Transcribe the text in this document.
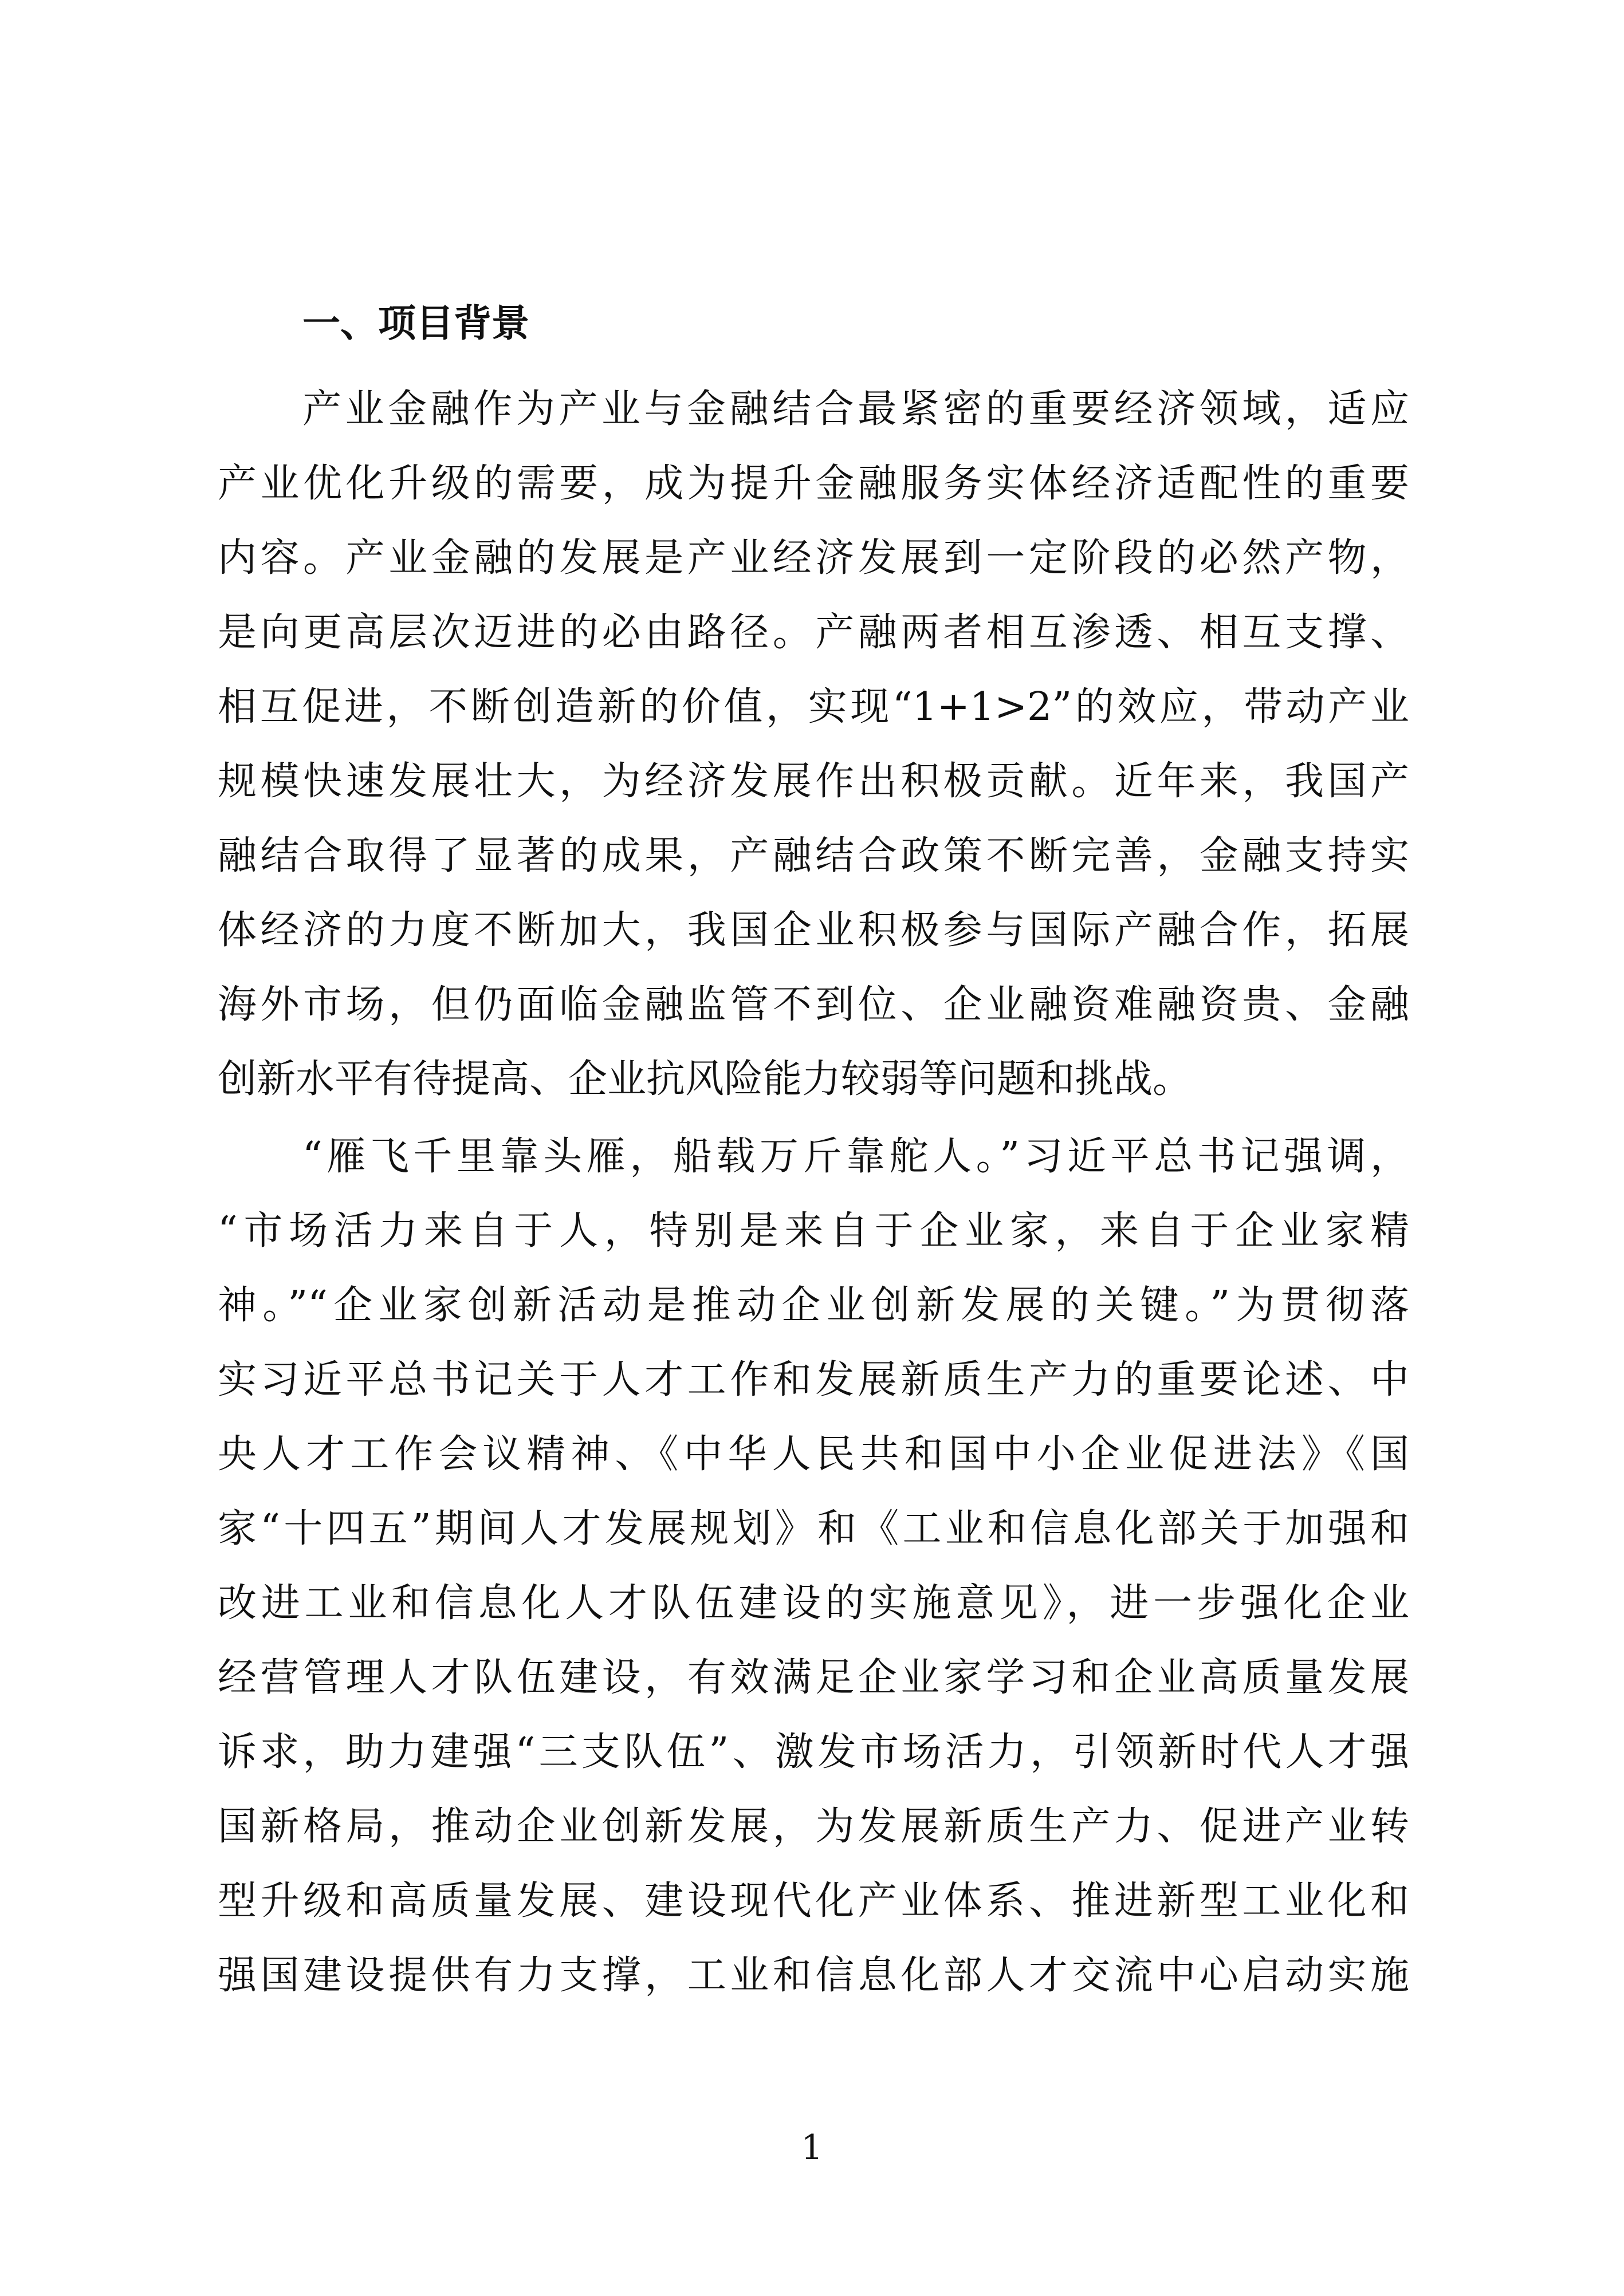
一、项目背景
产业金融作为产业与金融结合最紧密的重要经济领域，适应
产业优化升级的需要，成为提升金融服务实体经济适配性的重要
内容。产业金融的发展是产业经济发展到一定阶段的必然产物，
是向更高层次迈进的必由路径。产融两者相互渗透、相互支撑、
相互促进，不断创造新的价值，实现“1+1>2”的效应，带动产业
规模快速发展壮大，为经济发展作出积极贡献。近年来，我国产
融结合取得了显著的成果，产融结合政策不断完善，金融支持实
体经济的力度不断加大，我国企业积极参与国际产融合作，拓展
海外市场，但仍面临金融监管不到位、企业融资难融资贵、金融
创新水平有待提高、企业抗风险能力较弱等问题和挑战。
“雁飞千里靠头雁，船载万斤靠舵人。”习近平总书记强调，
“市场活力来自于人，特别是来自于企业家，来自于企业家精
神。”“企业家创新活动是推动企业创新发展的关键。”为贯彻落
实习近平总书记关于人才工作和发展新质生产力的重要论述、中
央人才工作会议精神、《中华人民共和国中小企业促进法》《国
家“十四五”期间人才发展规划》和《工业和信息化部关于加强和
改进工业和信息化人才队伍建设的实施意见》，进一步强化企业
经营管理人才队伍建设，有效满足企业家学习和企业高质量发展
诉求，助力建强“三支队伍”、激发市场活力，引领新时代人才强
国新格局，推动企业创新发展，为发展新质生产力、促进产业转
型升级和高质量发展、建设现代化产业体系、推进新型工业化和
强国建设提供有力支撑，工业和信息化部人才交流中心启动实施
1
